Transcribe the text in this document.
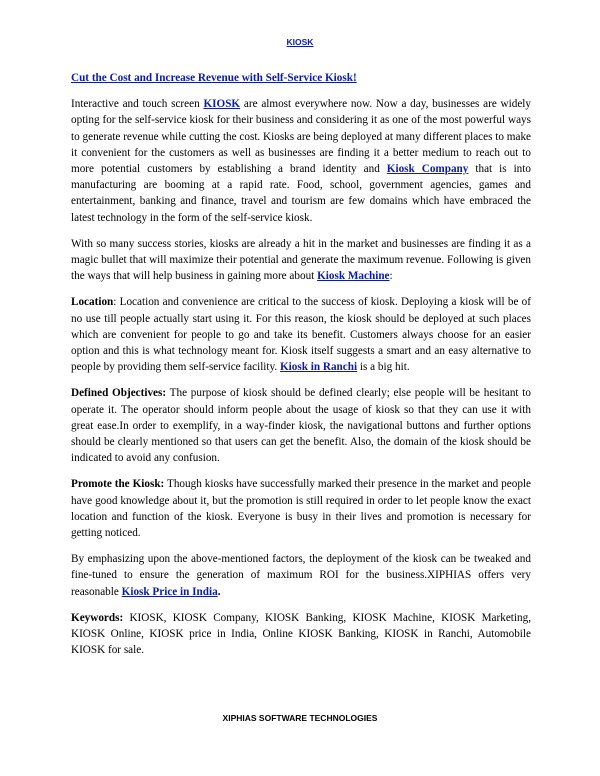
KIOSK
Cut the Cost and Increase Revenue with Self-Service Kiosk!

Interactive and touch screen KIOSK are almost everywhere now. Now a day, businesses are widely opting for the self-service kiosk for their business and considering it as one of the most powerful ways to generate revenue while cutting the cost. Kiosks are being deployed at many different places to make it convenient for the customers as well as businesses are finding it a better medium to reach out to more potential customers by establishing a brand identity and Kiosk Company that is into manufacturing are booming at a rapid rate. Food, school, government agencies, games and entertainment, banking and finance, travel and tourism are few domains which have embraced the latest technology in the form of the self-service kiosk.

With so many success stories, kiosks are already a hit in the market and businesses are finding it as a magic bullet that will maximize their potential and generate the maximum revenue. Following is given the ways that will help business in gaining more about Kiosk Machine:

Location: Location and convenience are critical to the success of kiosk. Deploying a kiosk will be of no use till people actually start using it. For this reason, the kiosk should be deployed at such places which are convenient for people to go and take its benefit. Customers always choose for an easier option and this is what technology meant for. Kiosk itself suggests a smart and an easy alternative to people by providing them self-service facility. Kiosk in Ranchi is a big hit.

Defined Objectives: The purpose of kiosk should be defined clearly; else people will be hesitant to operate it. The operator should inform people about the usage of kiosk so that they can use it with great ease.In order to exemplify, in a way-finder kiosk, the navigational buttons and further options should be clearly mentioned so that users can get the benefit. Also, the domain of the kiosk should be indicated to avoid any confusion.

Promote the Kiosk: Though kiosks have successfully marked their presence in the market and people have good knowledge about it, but the promotion is still required in order to let people know the exact location and function of the kiosk. Everyone is busy in their lives and promotion is necessary for getting noticed.

By emphasizing upon the above-mentioned factors, the deployment of the kiosk can be tweaked and fine-tuned to ensure the generation of maximum ROI for the business.XIPHIAS offers very reasonable Kiosk Price in India.

Keywords: KIOSK, KIOSK Company, KIOSK Banking, KIOSK Machine, KIOSK Marketing, KIOSK Online, KIOSK price in India, Online KIOSK Banking, KIOSK in Ranchi, Automobile KIOSK for sale.

XIPHIAS SOFTWARE TECHNOLOGIES
